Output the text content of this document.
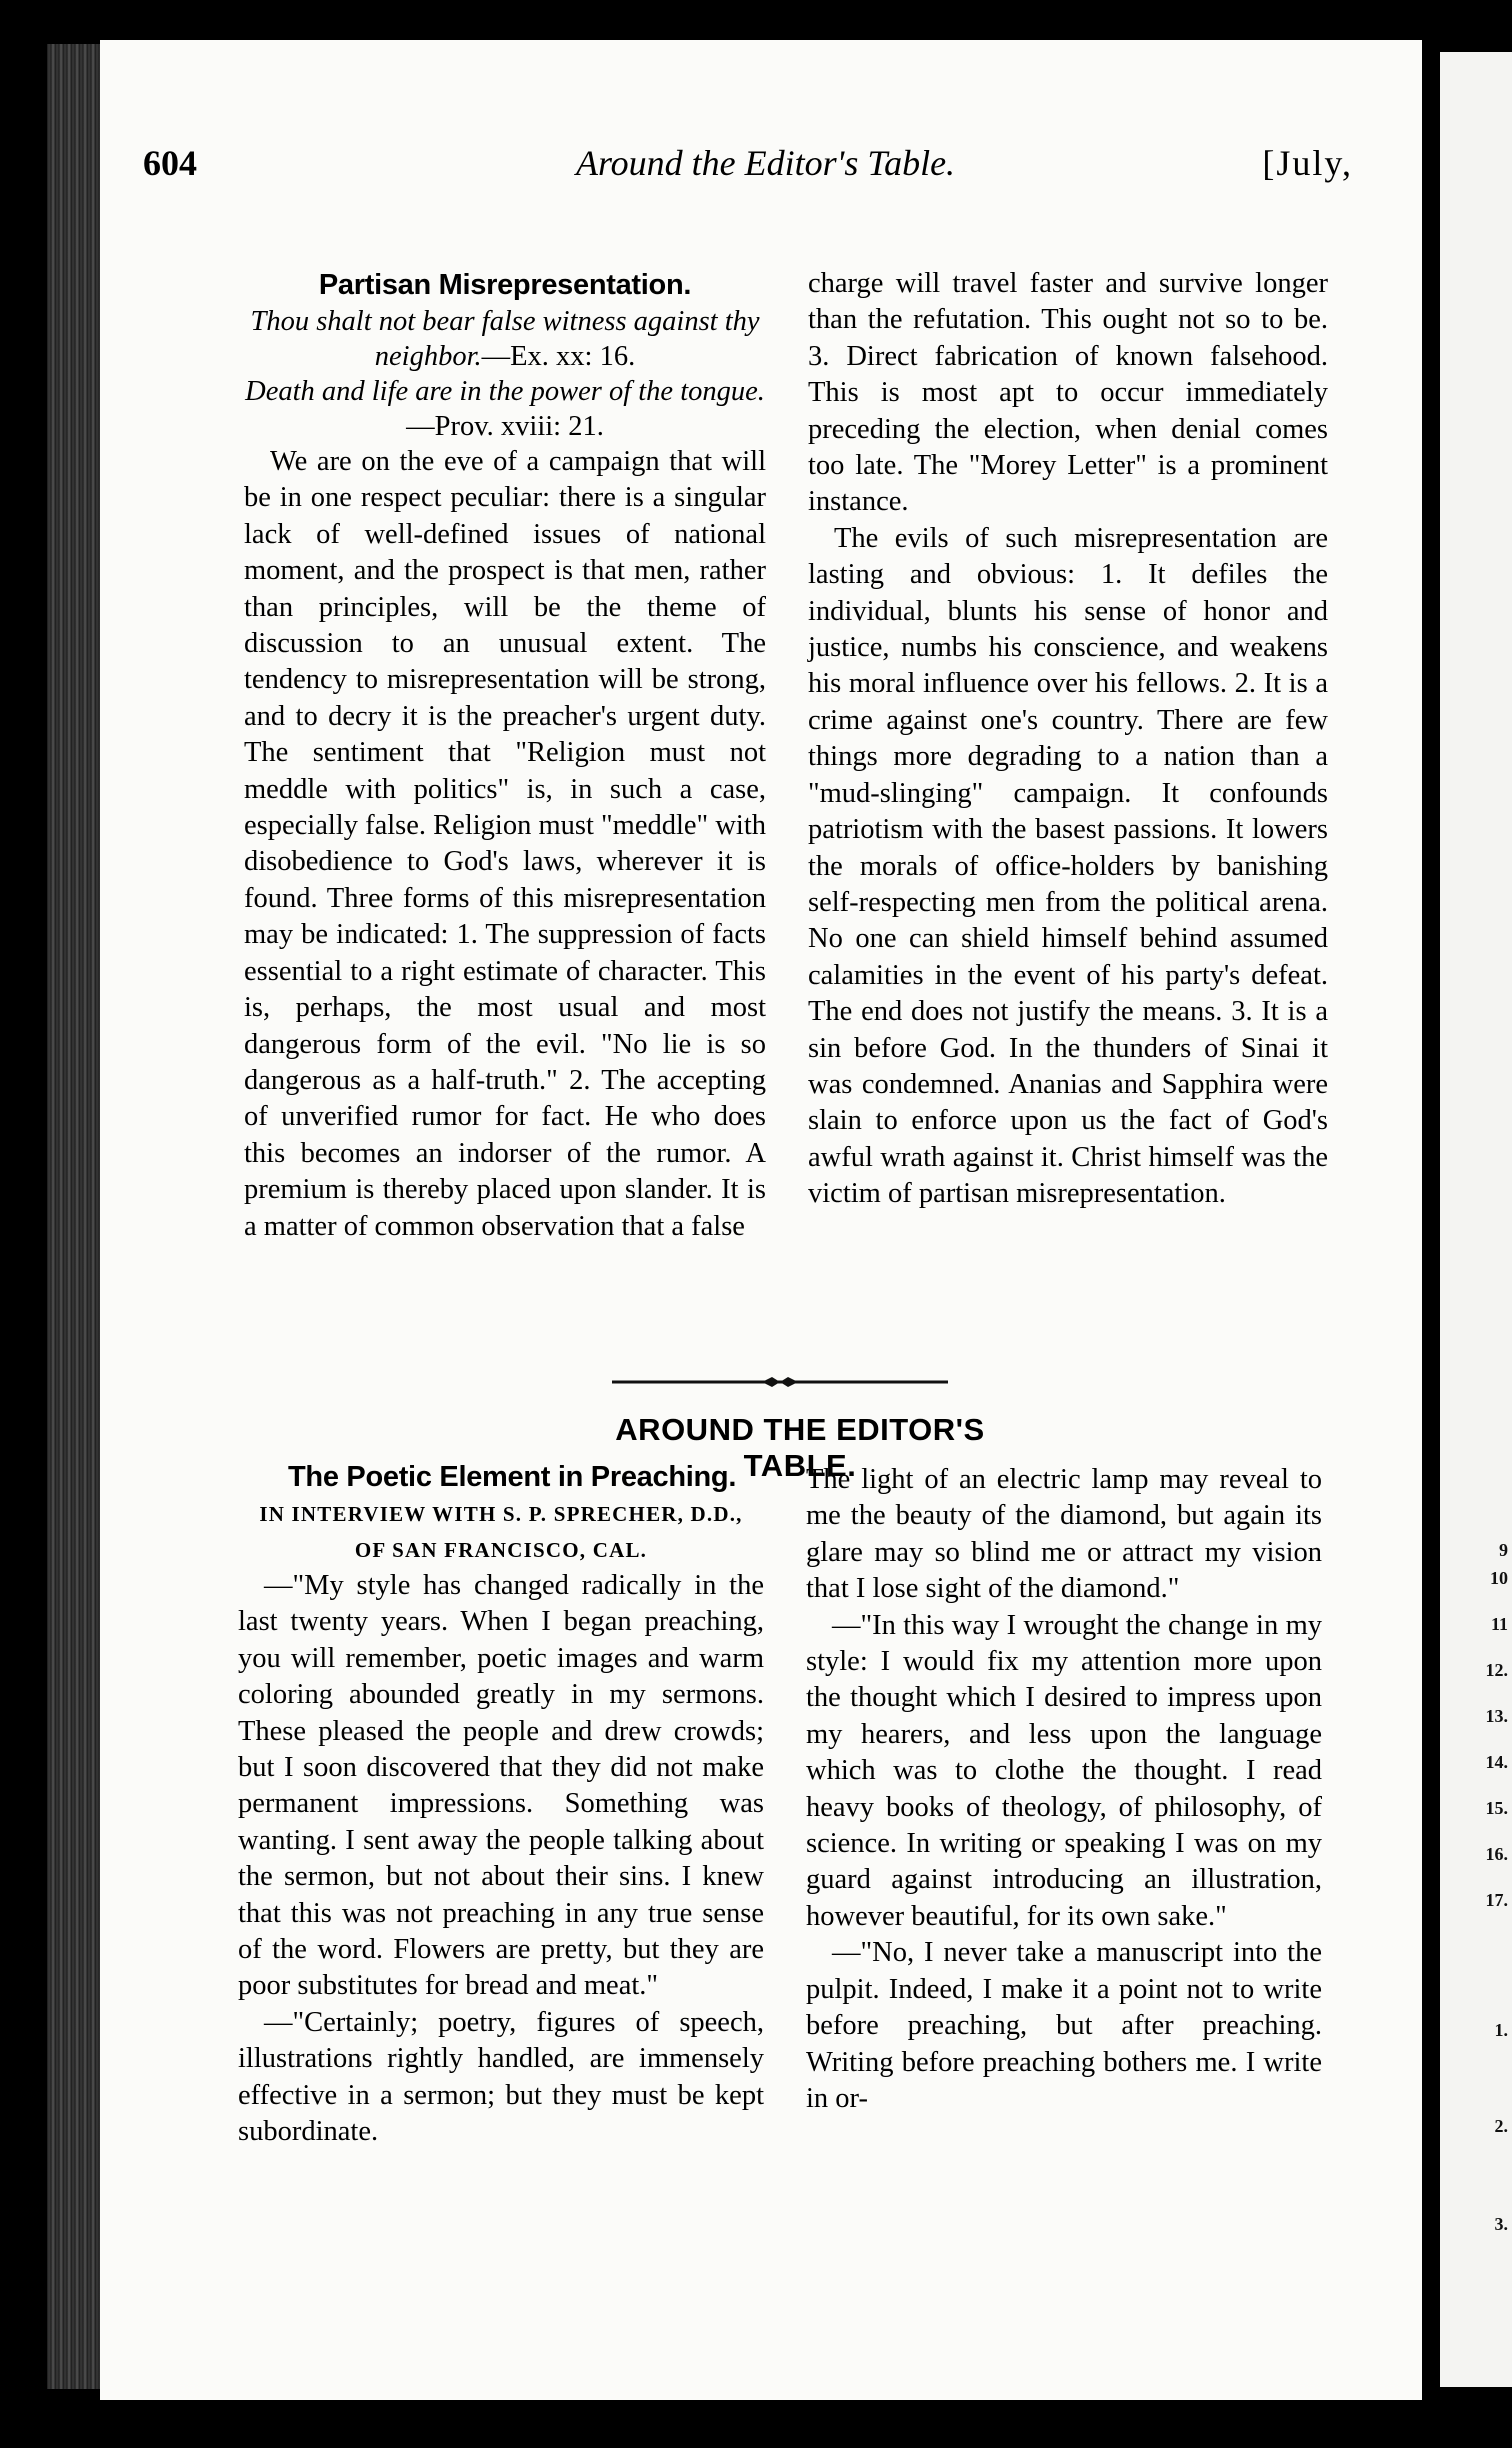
9
10
11
12.
13.
14.
15.
16.
17.
1.
2.
3.
604	Around the Editor's Table.	[July,
Partisan Misrepresentation.
Thou shalt not bear false witness against thy neighbor.—Ex. xx: 16.
Death and life are in the power of the tongue.
—Prov. xviii: 21.

We are on the eve of a campaign that will be in one respect peculiar: there is a singular lack of well-defined issues of national moment, and the prospect is that men, rather than principles, will be the theme of discussion to an unusual extent. The tendency to misrepresentation will be strong, and to decry it is the preacher's urgent duty. The sentiment that "Religion must not meddle with politics" is, in such a case, especially false. Religion must "meddle" with disobedience to God's laws, wherever it is found. Three forms of this misrepresentation may be indicated: 1. The suppression of facts essential to a right estimate of character. This is, perhaps, the most usual and most dangerous form of the evil. "No lie is so dangerous as a half-truth." 2. The accepting of unverified rumor for fact. He who does this becomes an indorser of the rumor. A premium is thereby placed upon slander. It is a matter of common observation that a false

charge will travel faster and survive longer than the refutation. This ought not so to be. 3. Direct fabrication of known falsehood. This is most apt to occur immediately preceding the election, when denial comes too late. The "Morey Letter" is a prominent instance.

The evils of such misrepresentation are lasting and obvious: 1. It defiles the individual, blunts his sense of honor and justice, numbs his conscience, and weakens his moral influence over his fellows. 2. It is a crime against one's country. There are few things more degrading to a nation than a "mud-slinging" campaign. It confounds patriotism with the basest passions. It lowers the morals of office-holders by banishing self-respecting men from the political arena. No one can shield himself behind assumed calamities in the event of his party's defeat. The end does not justify the means. 3. It is a sin before God. In the thunders of Sinai it was condemned. Ananias and Sapphira were slain to enforce upon us the fact of God's awful wrath against it. Christ himself was the victim of partisan misrepresentation.

AROUND THE EDITOR'S TABLE.
The Poetic Element in Preaching.
IN INTERVIEW WITH S. P. SPRECHER, D.D.,
OF SAN FRANCISCO, CAL.

—"My style has changed radically in the last twenty years. When I began preaching, you will remember, poetic images and warm coloring abounded greatly in my sermons. These pleased the people and drew crowds; but I soon discovered that they did not make permanent impressions. Something was wanting. I sent away the people talking about the sermon, but not about their sins. I knew that this was not preaching in any true sense of the word. Flowers are pretty, but they are poor substitutes for bread and meat."

—"Certainly; poetry, figures of speech, illustrations rightly handled, are immensely effective in a sermon; but they must be kept subordinate.

The light of an electric lamp may reveal to me the beauty of the diamond, but again its glare may so blind me or attract my vision that I lose sight of the diamond."

—"In this way I wrought the change in my style: I would fix my attention more upon the thought which I desired to impress upon my hearers, and less upon the language which was to clothe the thought. I read heavy books of theology, of philosophy, of science. In writing or speaking I was on my guard against introducing an illustration, however beautiful, for its own sake."

—"No, I never take a manuscript into the pulpit. Indeed, I make it a point not to write before preaching, but after preaching. Writing before preaching bothers me. I write in or-
